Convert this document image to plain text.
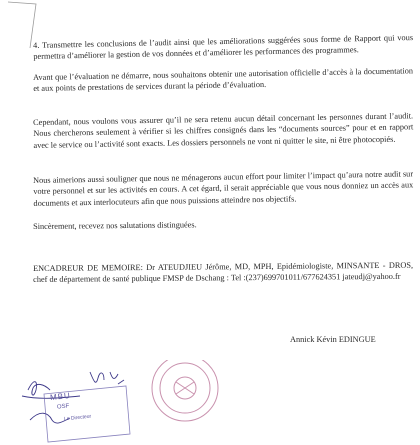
4. Transmettre les conclusions de l’audit ainsi que les améliorations suggérées sous forme de Rapport qui vous permettra d’améliorer la gestion de vos données et d’améliorer les performances des programmes.

Avant que l’évaluation ne démarre, nous souhaitons obtenir une autorisation officielle d’accès à la documentation et aux points de prestations de services durant la période d’évaluation.

Cependant, nous voulons vous assurer qu’il ne sera retenu aucun détail concernant les personnes durant l’audit. Nous chercherons seulement à vérifier si les chiffres consignés dans les “documents sources” pour et en rapport avec le service ou l’activité sont exacts. Les dossiers personnels ne vont ni quitter le site, ni être photocopiés.

Nous aimerions aussi souligner que nous ne ménagerons aucun effort pour limiter l’impact qu’aura notre audit sur votre personnel et sur les activités en cours. A cet égard, il serait appréciable que vous nous donniez un accès aux documents et aux interlocuteurs afin que nous puissions atteindre nos objectifs.

Sincèrement, recevez nos salutations distinguées.

ENCADREUR DE MEMOIRE: Dr ATEUDJIEU Jérôme, MD, MPH, Epidémiologiste, MINSANTE - DROS, chef de département de santé publique FMSP de Dschang : Tel :(237)699701011/677624351 jateudj@yahoo.fr

Annick Kévin EDINGUE

MBU
OSF
Le Directeur
